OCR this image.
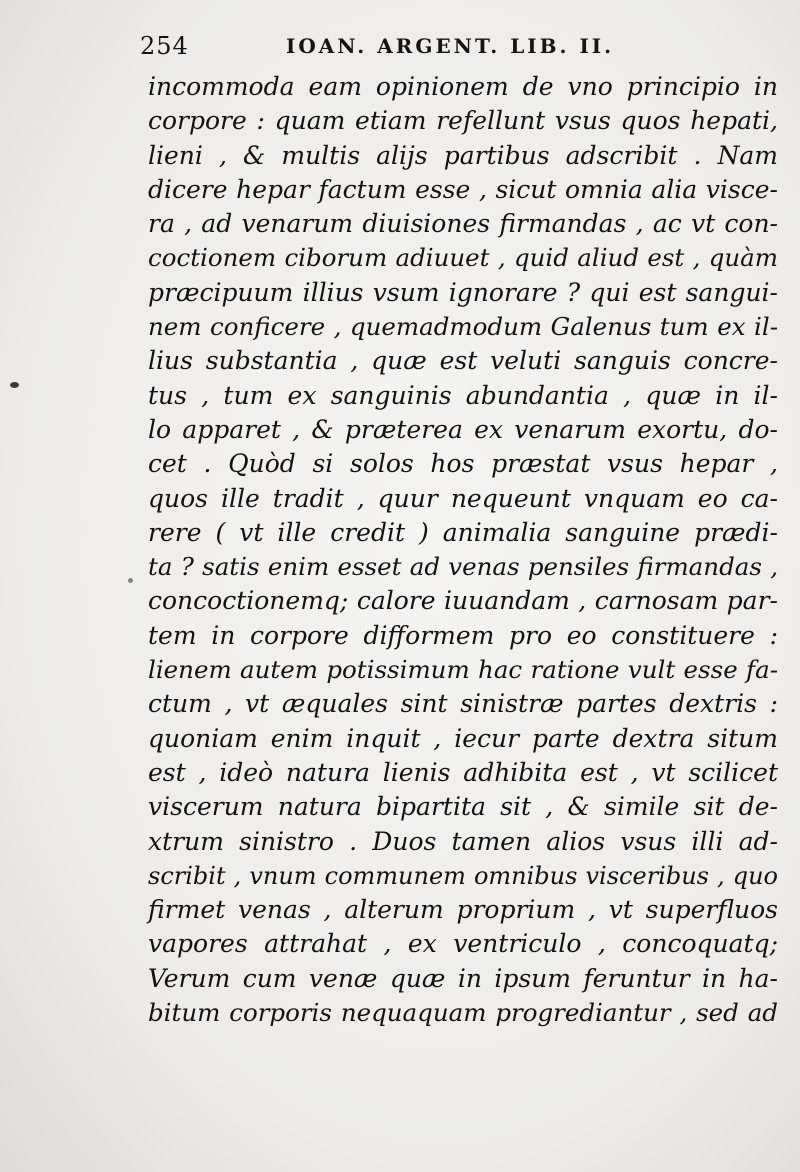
254	IOAN. ARGENT. LIB. II.
incommoda eam opinionem de vno principio in
corpore : quam etiam refellunt vsus quos hepati,
lieni , & multis alijs partibus adscribit . Nam
dicere hepar factum esse , sicut omnia alia visce-
ra , ad venarum diuisiones firmandas , ac vt con-
coctionem ciborum adiuuet , quid aliud est , quàm
præcipuum illius vsum ignorare ? qui est sangui-
nem conficere , quemadmodum Galenus tum ex il-
lius substantia , quæ est veluti sanguis concre-
tus , tum ex sanguinis abundantia , quæ in il-
lo apparet , & præterea ex venarum exortu, do-
cet . Quòd si solos hos præstat vsus hepar ,
quos ille tradit , quur nequeunt vnquam eo ca-
rere ( vt ille credit ) animalia sanguine prædi-
ta ? satis enim esset ad venas pensiles firmandas ,
concoctionemq; calore iuuandam , carnosam par-
tem in corpore difformem pro eo constituere :
lienem autem potissimum hac ratione vult esse fa-
ctum , vt æquales sint sinistræ partes dextris :
quoniam enim inquit , iecur parte dextra situm
est , ideò natura lienis adhibita est , vt scilicet
viscerum natura bipartita sit , & simile sit de-
xtrum sinistro . Duos tamen alios vsus illi ad-
scribit , vnum communem omnibus visceribus , quo
firmet venas , alterum proprium , vt superfluos
vapores attrahat , ex ventriculo , concoquatq;
Verum cum venæ quæ in ipsum feruntur in ha-
bitum corporis nequaquam progrediantur , sed ad
